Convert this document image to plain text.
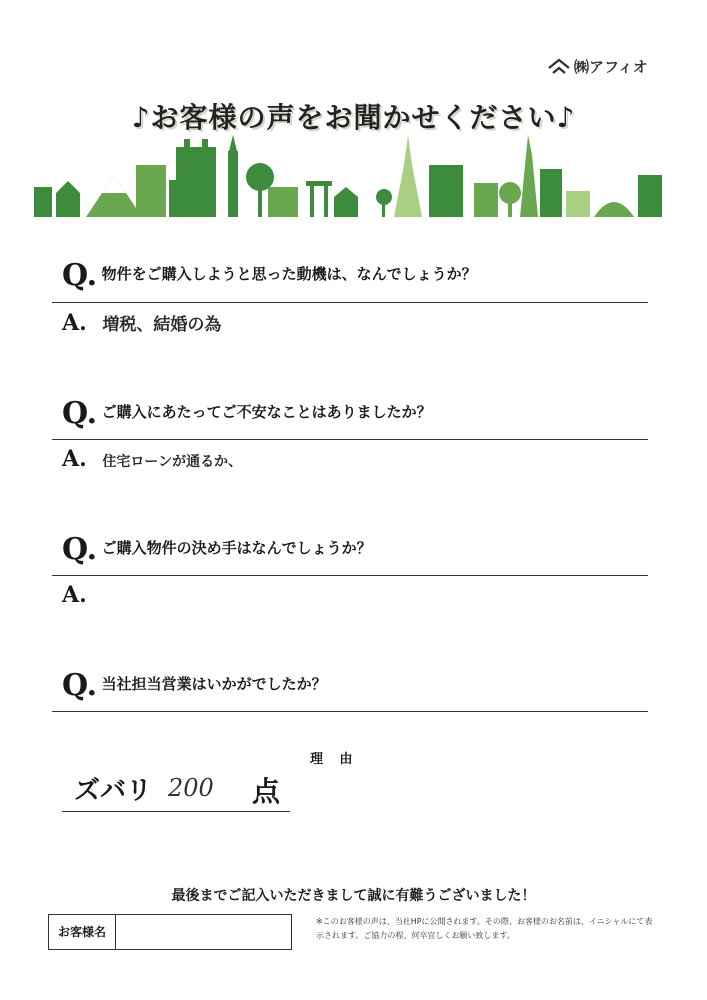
㈱アフィオ
♪お客様の声をお聞かせください♪
Q. 物件をご購入しようと思った動機は、なんでしょうか？
A. 増税、結婚の為
Q. ご購入にあたってご不安なことはありましたか？
A. 住宅ローンが通るか、
Q. ご購入物件の決め手はなんでしょうか？
A.
Q. 当社担当営業はいかがでしたか？
理 由
ズバリ 200 点
最後までご記入いただきまして誠に有難うございました！
お客様名
※このお客様の声は、当社HPに公開されます。その際、お客様のお名前は、イニシャルにて表示されます。ご協力の程、何卒宜しくお願い致します。
